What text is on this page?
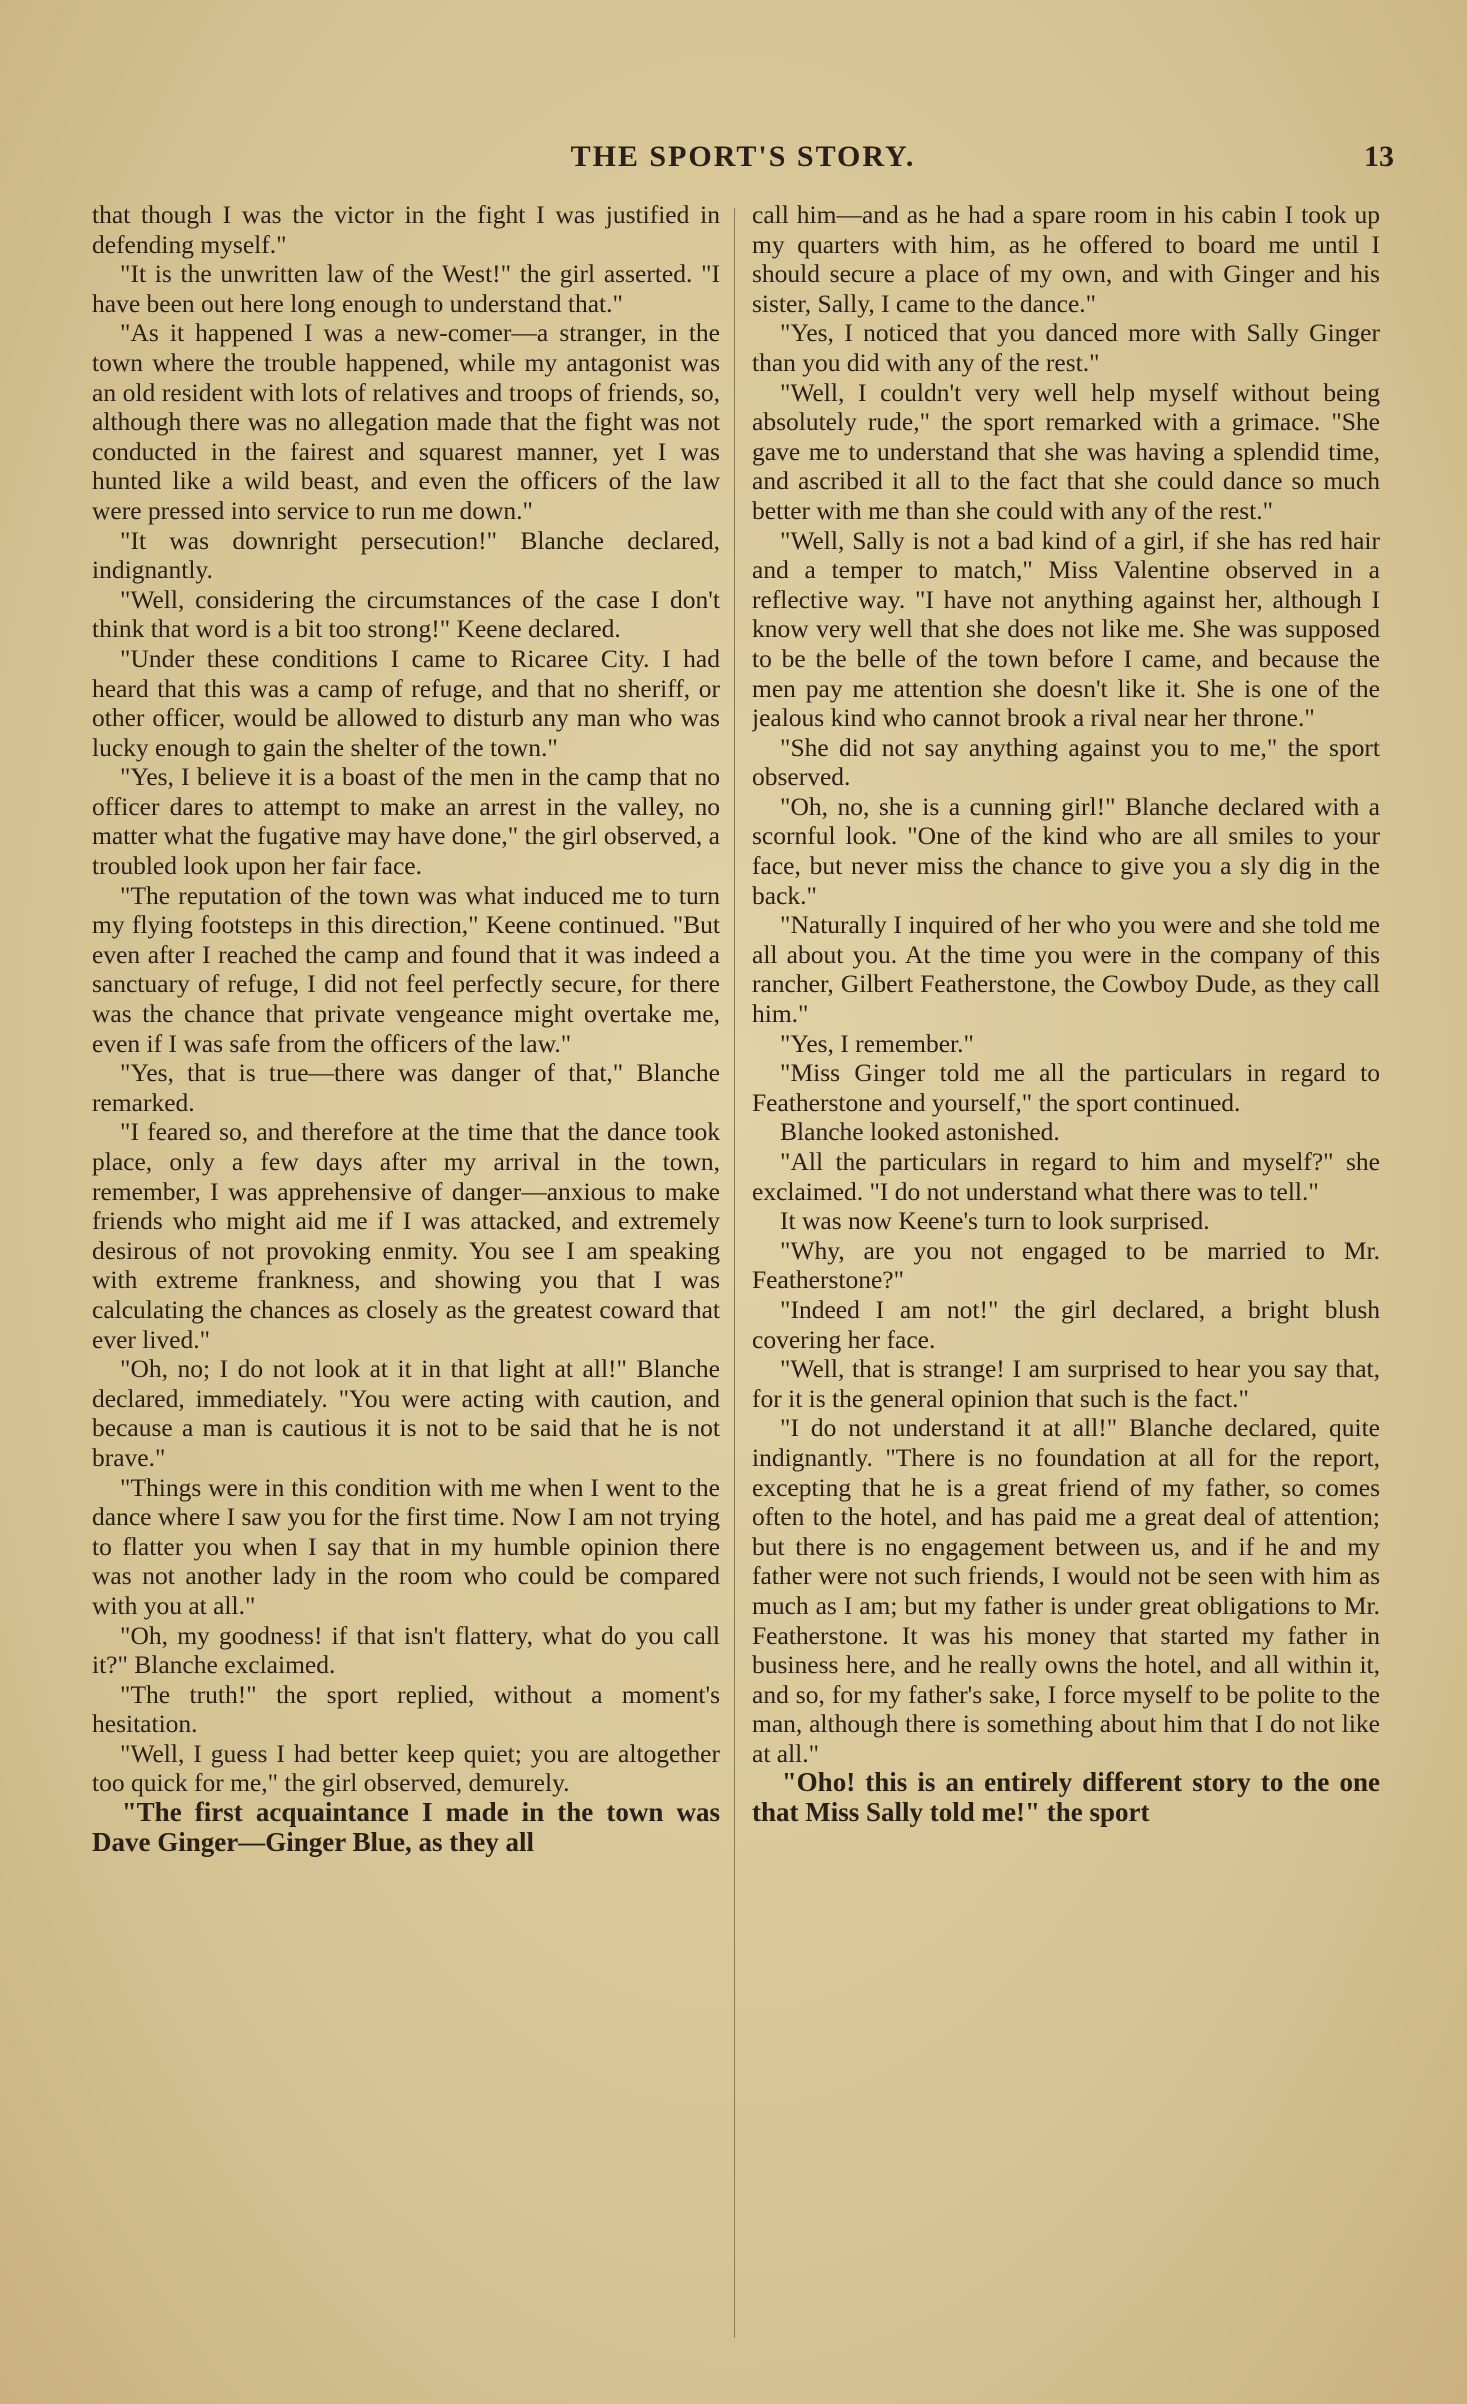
THE SPORT'S STORY.	13

that though I was the victor in the fight I was justified in defending myself."

"It is the unwritten law of the West!" the girl asserted. "I have been out here long enough to understand that."

"As it happened I was a new-comer—a stranger, in the town where the trouble happened, while my antagonist was an old resident with lots of relatives and troops of friends, so, although there was no allegation made that the fight was not conducted in the fairest and squarest manner, yet I was hunted like a wild beast, and even the officers of the law were pressed into service to run me down."

"It was downright persecution!" Blanche declared, indignantly.

"Well, considering the circumstances of the case I don't think that word is a bit too strong!" Keene declared.

"Under these conditions I came to Ricaree City. I had heard that this was a camp of refuge, and that no sheriff, or other officer, would be allowed to disturb any man who was lucky enough to gain the shelter of the town."

"Yes, I believe it is a boast of the men in the camp that no officer dares to attempt to make an arrest in the valley, no matter what the fugative may have done," the girl observed, a troubled look upon her fair face.

"The reputation of the town was what induced me to turn my flying footsteps in this direction," Keene continued. "But even after I reached the camp and found that it was indeed a sanctuary of refuge, I did not feel perfectly secure, for there was the chance that private vengeance might overtake me, even if I was safe from the officers of the law."

"Yes, that is true—there was danger of that," Blanche remarked.

"I feared so, and therefore at the time that the dance took place, only a few days after my arrival in the town, remember, I was apprehensive of danger—anxious to make friends who might aid me if I was attacked, and extremely desirous of not provoking enmity. You see I am speaking with extreme frankness, and showing you that I was calculating the chances as closely as the greatest coward that ever lived."

"Oh, no; I do not look at it in that light at all!" Blanche declared, immediately. "You were acting with caution, and because a man is cautious it is not to be said that he is not brave."

"Things were in this condition with me when I went to the dance where I saw you for the first time. Now I am not trying to flatter you when I say that in my humble opinion there was not another lady in the room who could be compared with you at all."

"Oh, my goodness! if that isn't flattery, what do you call it?" Blanche exclaimed.

"The truth!" the sport replied, without a moment's hesitation.

"Well, I guess I had better keep quiet; you are altogether too quick for me," the girl observed, demurely.

"The first acquaintance I made in the town was Dave Ginger—Ginger Blue, as they all

call him—and as he had a spare room in his cabin I took up my quarters with him, as he offered to board me until I should secure a place of my own, and with Ginger and his sister, Sally, I came to the dance."

"Yes, I noticed that you danced more with Sally Ginger than you did with any of the rest."

"Well, I couldn't very well help myself without being absolutely rude," the sport remarked with a grimace. "She gave me to understand that she was having a splendid time, and ascribed it all to the fact that she could dance so much better with me than she could with any of the rest."

"Well, Sally is not a bad kind of a girl, if she has red hair and a temper to match," Miss Valentine observed in a reflective way. "I have not anything against her, although I know very well that she does not like me. She was supposed to be the belle of the town before I came, and because the men pay me attention she doesn't like it. She is one of the jealous kind who cannot brook a rival near her throne."

"She did not say anything against you to me," the sport observed.

"Oh, no, she is a cunning girl!" Blanche declared with a scornful look. "One of the kind who are all smiles to your face, but never miss the chance to give you a sly dig in the back."

"Naturally I inquired of her who you were and she told me all about you. At the time you were in the company of this rancher, Gilbert Featherstone, the Cowboy Dude, as they call him."

"Yes, I remember."

"Miss Ginger told me all the particulars in regard to Featherstone and yourself," the sport continued.

Blanche looked astonished.

"All the particulars in regard to him and myself?" she exclaimed. "I do not understand what there was to tell."

It was now Keene's turn to look surprised.

"Why, are you not engaged to be married to Mr. Featherstone?"

"Indeed I am not!" the girl declared, a bright blush covering her face.

"Well, that is strange! I am surprised to hear you say that, for it is the general opinion that such is the fact."

"I do not understand it at all!" Blanche declared, quite indignantly. "There is no foundation at all for the report, excepting that he is a great friend of my father, so comes often to the hotel, and has paid me a great deal of attention; but there is no engagement between us, and if he and my father were not such friends, I would not be seen with him as much as I am; but my father is under great obligations to Mr. Featherstone. It was his money that started my father in business here, and he really owns the hotel, and all within it, and so, for my father's sake, I force myself to be polite to the man, although there is something about him that I do not like at all."

"Oho! this is an entirely different story to the one that Miss Sally told me!" the sport
